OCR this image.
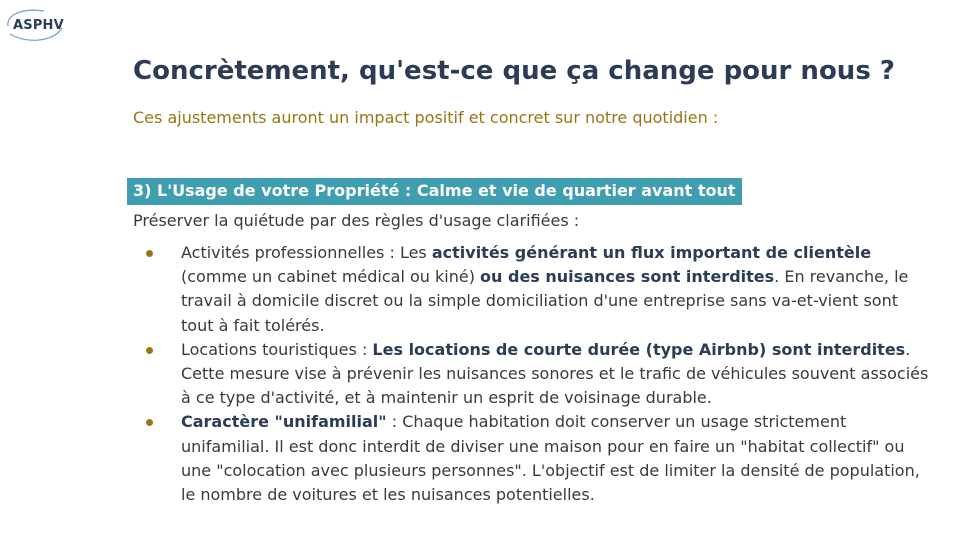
ASPHV
Concrètement, qu'est-ce que ça change pour nous ?

Ces ajustements auront un impact positif et concret sur notre quotidien :

3) L'Usage de votre Propriété : Calme et vie de quartier avant tout

Préserver la quiétude par des règles d'usage clarifiées :

Activités professionnelles : Les activités générant un flux important de clientèle (comme un cabinet médical ou kiné) ou des nuisances sont interdites. En revanche, le travail à domicile discret ou la simple domiciliation d'une entreprise sans va-et-vient sont tout à fait tolérés.
Locations touristiques : Les locations de courte durée (type Airbnb) sont interdites. Cette mesure vise à prévenir les nuisances sonores et le trafic de véhicules souvent associés à ce type d'activité, et à maintenir un esprit de voisinage durable.
Caractère "unifamilial" : Chaque habitation doit conserver un usage strictement unifamilial. Il est donc interdit de diviser une maison pour en faire un "habitat collectif" ou une "colocation avec plusieurs personnes". L'objectif est de limiter la densité de population, le nombre de voitures et les nuisances potentielles.
